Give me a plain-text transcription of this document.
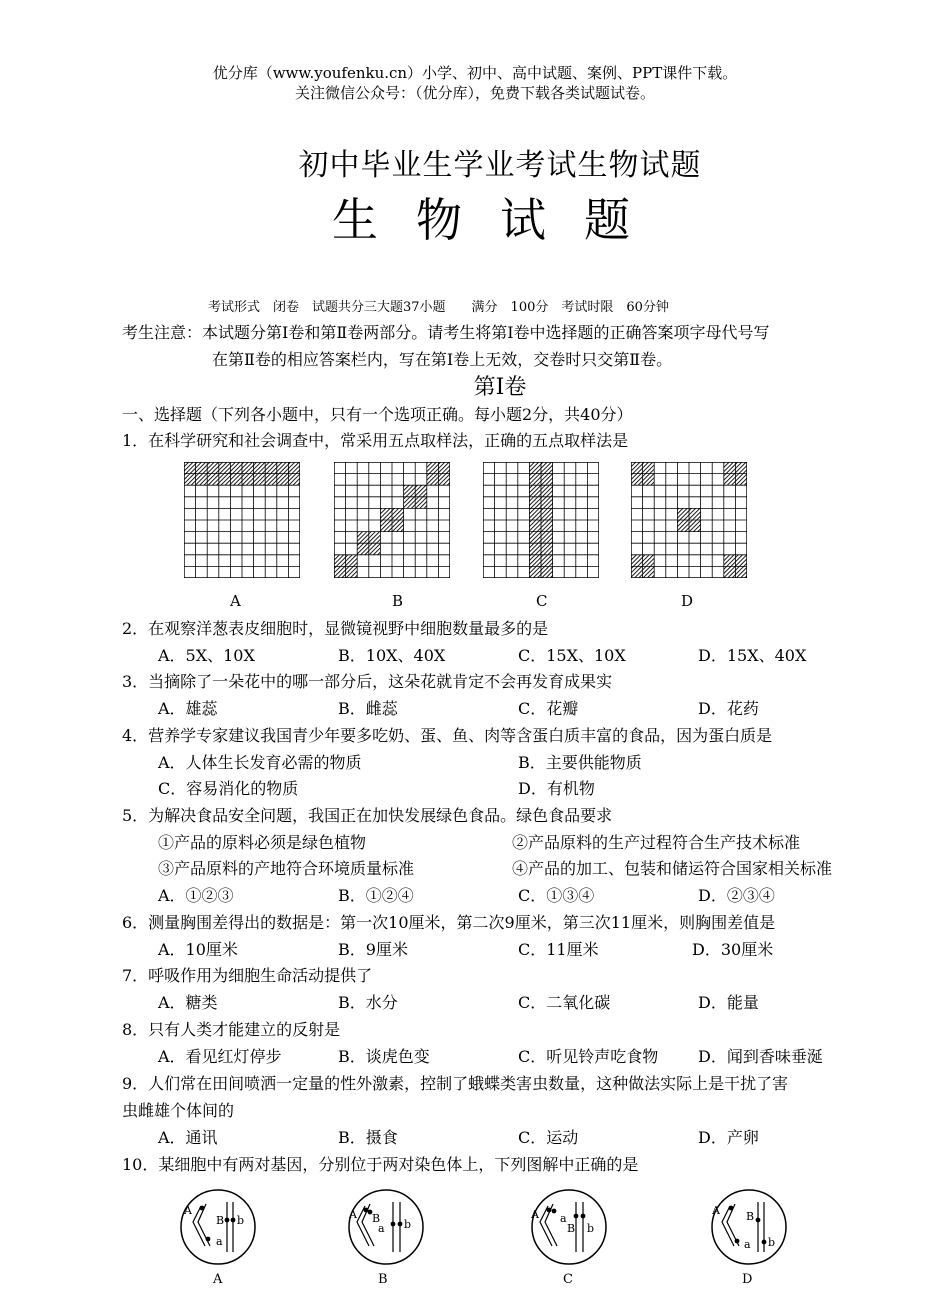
优分库（www.youfenku.cn）小学、初中、高中试题、案例、PPT课件下载。
关注微信公众号：（优分库），免费下载各类试题试卷。
初中毕业生学业考试生物试题
生物试题
考试形式　闭卷　试题共分三大题37小题　　满分　100分　考试时限　60分钟
考生注意：本试题分第Ⅰ卷和第Ⅱ卷两部分。请考生将第Ⅰ卷中选择题的正确答案项字母代号写
在第Ⅱ卷的相应答案栏内，写在第Ⅰ卷上无效，交卷时只交第Ⅱ卷。
第Ⅰ卷
一、选择题（下列各小题中，只有一个选项正确。每小题2分，共40分）
1．在科学研究和社会调查中，常采用五点取样法，正确的五点取样法是
A	B	C	D
2．在观察洋葱表皮细胞时，显微镜视野中细胞数量最多的是
A．5X、10X	B．10X、40X	C．15X、10X	D．15X、40X
3．当摘除了一朵花中的哪一部分后，这朵花就肯定不会再发育成果实
A．雄蕊	B．雌蕊	C．花瓣	D．花药
4．营养学专家建议我国青少年要多吃奶、蛋、鱼、肉等含蛋白质丰富的食品，因为蛋白质是
A．人体生长发育必需的物质	B．主要供能物质
C．容易消化的物质	D．有机物
5．为解决食品安全问题，我国正在加快发展绿色食品。绿色食品要求
①产品的原料必须是绿色植物	②产品原料的生产过程符合生产技术标准
③产品原料的产地符合环境质量标准	④产品的加工、包装和储运符合国家相关标准
A．①②③	B．①②④	C．①③④	D．②③④
6．测量胸围差得出的数据是：第一次10厘米，第二次9厘米，第三次11厘米，则胸围差值是
A．10厘米	B．9厘米	C．11厘米	D．30厘米
7．呼吸作用为细胞生命活动提供了
A．糖类	B．水分	C．二氧化碳	D．能量
8．只有人类才能建立的反射是
A．看见红灯停步	B．谈虎色变	C．听见铃声吃食物 D．闻到香味垂涎
9．人们常在田间喷洒一定量的性外激素，控制了蛾蝶类害虫数量，这种做法实际上是干扰了害
虫雌雄个体间的
A．通讯	B．摄食	C．运动	D．产卵
10．某细胞中有两对基因，分别位于两对染色体上，下列图解中正确的是
A
a
B b	A
a
B b
A a
B b
A
a
B
b
A	B	C	D
